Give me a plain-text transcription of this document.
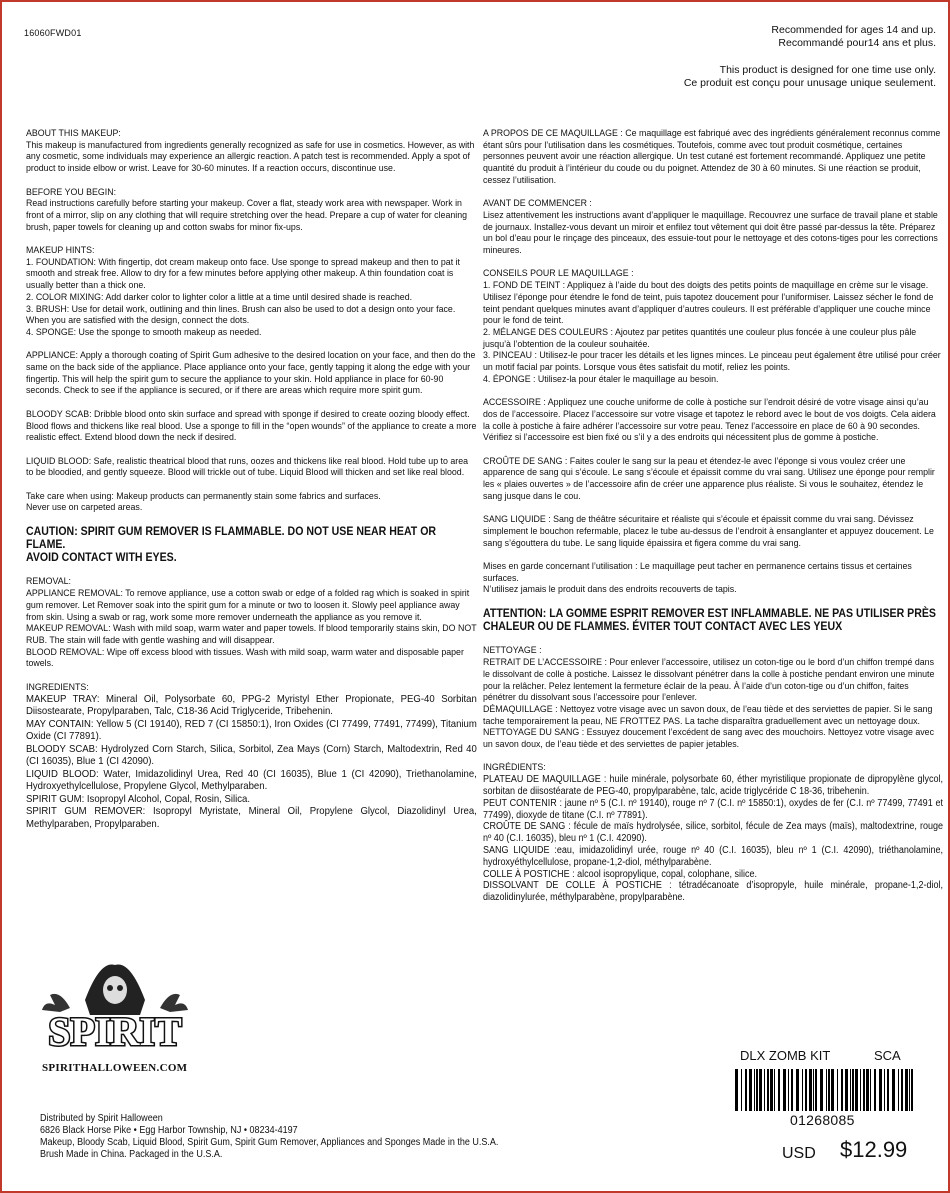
16060FWD01	Recommended for ages 14 and up.
Recommandé pour14 ans et plus.
This product is designed for one time use only.
Ce produit est conçu pour unusage unique seulement.

ABOUT THIS MAKEUP:

This makeup is manufactured from ingredients generally recognized as safe for use in cosmetics. However, as with any cosmetic, some individuals may experience an allergic reaction. A patch test is recommended. Apply a spot of product to inside elbow or wrist. Leave for 30-60 minutes. If a reaction occurs, discontinue use.

BEFORE YOU BEGIN:

Read instructions carefully before starting your makeup. Cover a flat, steady work area with newspaper. Work in front of a mirror, slip on any clothing that will require stretching over the head. Prepare a cup of water for cleaning brush, paper towels for cleaning up and cotton swabs for minor fix-ups.

MAKEUP HINTS:

1. FOUNDATION: With fingertip, dot cream makeup onto face. Use sponge to spread makeup and then to pat it smooth and streak free. Allow to dry for a few minutes before applying other makeup. A thin foundation coat is usually better than a thick one.

2. COLOR MIXING: Add darker color to lighter color a little at a time until desired shade is reached.

3. BRUSH: Use for detail work, outlining and thin lines. Brush can also be used to dot a design onto your face. When you are satisfied with the design, connect the dots.

4. SPONGE: Use the sponge to smooth makeup as needed.

APPLIANCE: Apply a thorough coating of Spirit Gum adhesive to the desired location on your face, and then do the same on the back side of the appliance. Place appliance onto your face, gently tapping it along the edge with your fingertip. This will help the spirit gum to secure the appliance to your skin. Hold appliance in place for 60-90 seconds. Check to see if the appliance is secured, or if there are areas which require more spirit gum.

BLOODY SCAB: Dribble blood onto skin surface and spread with sponge if desired to create oozing bloody effect. Blood flows and thickens like real blood. Use a sponge to fill in the “open wounds” of the appliance to create a more realistic effect. Extend blood down the neck if desired.

LIQUID BLOOD: Safe, realistic theatrical blood that runs, oozes and thickens like real blood. Hold tube up to area to be bloodied, and gently squeeze. Blood will trickle out of tube. Liquid Blood will thicken and set like real blood.

Take care when using: Makeup products can permanently stain some fabrics and surfaces.

Never use on carpeted areas.

CAUTION: SPIRIT GUM REMOVER IS FLAMMABLE. DO NOT USE NEAR HEAT OR FLAME.

AVOID CONTACT WITH EYES.

REMOVAL:

APPLIANCE REMOVAL: To remove appliance, use a cotton swab or edge of a folded rag which is soaked in spirit gum remover. Let Remover soak into the spirit gum for a minute or two to loosen it. Slowly peel appliance away from skin. Using a swab or rag, work some more remover underneath the appliance as you remove it.

MAKEUP REMOVAL: Wash with mild soap, warm water and paper towels. If blood temporarily stains skin, DO NOT RUB. The stain will fade with gentle washing and will disappear.

BLOOD REMOVAL: Wipe off excess blood with tissues. Wash with mild soap, warm water and disposable paper towels.

INGREDIENTS:

MAKEUP TRAY: Mineral Oil, Polysorbate 60, PPG-2 Myristyl Ether Propionate, PEG-40 Sorbitan Diisostearate, Propylparaben, Talc, C18-36 Acid Triglyceride, Tribehenin.

MAY CONTAIN: Yellow 5 (CI 19140), RED 7 (CI 15850:1), Iron Oxides (CI 77499, 77491, 77499), Titanium Oxide (CI 77891).

BLOODY SCAB: Hydrolyzed Corn Starch, Silica, Sorbitol, Zea Mays (Corn) Starch, Maltodextrin, Red 40 (CI 16035), Blue 1 (CI 42090).

LIQUID BLOOD: Water, Imidazolidinyl Urea, Red 40 (CI 16035), Blue 1 (CI 42090), Triethanolamine, Hydroxyethylcellulose, Propylene Glycol, Methylparaben.

SPIRIT GUM: Isopropyl Alcohol, Copal, Rosin, Silica.

SPIRIT GUM REMOVER: Isopropyl Myristate, Mineral Oil, Propylene Glycol, Diazolidinyl Urea, Methylparaben, Propylparaben.

A PROPOS DE CE MAQUILLAGE : Ce maquillage est fabriqué avec des ingrédients généralement reconnus comme étant sûrs pour l’utilisation dans les cosmétiques. Toutefois, comme avec tout produit cosmétique, certaines personnes peuvent avoir une réaction allergique. Un test cutané est fortement recommandé. Appliquez une petite quantité du produit à l’intérieur du coude ou du poignet. Attendez de 30 à 60 minutes. Si une réaction se produit, cessez l’utilisation.

AVANT DE COMMENCER :

Lisez attentivement les instructions avant d’appliquer le maquillage. Recouvrez une surface de travail plane et stable de journaux. Installez-vous devant un miroir et enfilez tout vêtement qui doit être passé par-dessus la tête. Préparez un bol d’eau pour le rinçage des pinceaux, des essuie-tout pour le nettoyage et des cotons-tiges pour les corrections mineures.

CONSEILS POUR LE MAQUILLAGE :

1. FOND DE TEINT : Appliquez à l’aide du bout des doigts des petits points de maquillage en crème sur le visage. Utilisez l’éponge pour étendre le fond de teint, puis tapotez doucement pour l’uniformiser. Laissez sécher le fond de teint pendant quelques minutes avant d’appliquer d’autres couleurs. Il est préférable d’appliquer une couche mince pour le fond de teint.

2. MÉLANGE DES COULEURS : Ajoutez par petites quantités une couleur plus foncée à une couleur plus pâle jusqu’à l’obtention de la couleur souhaitée.

3. PINCEAU : Utilisez-le pour tracer les détails et les lignes minces. Le pinceau peut également être utilisé pour créer un motif facial par points. Lorsque vous êtes satisfait du motif, reliez les points.

4. ÉPONGE : Utilisez-la pour étaler le maquillage au besoin.

ACCESSOIRE : Appliquez une couche uniforme de colle à postiche sur l’endroit désiré de votre visage ainsi qu’au dos de l’accessoire. Placez l’accessoire sur votre visage et tapotez le rebord avec le bout de vos doigts. Cela aidera la colle à postiche à faire adhérer l’accessoire sur votre peau. Tenez l’accessoire en place de 60 à 90 secondes. Vérifiez si l’accessoire est bien fixé ou s’il y a des endroits qui nécessitent plus de gomme à postiche.

CROÛTE DE SANG : Faites couler le sang sur la peau et étendez-le avec l’éponge si vous voulez créer une apparence de sang qui s’écoule. Le sang s’écoule et épaissit comme du vrai sang. Utilisez une éponge pour remplir les « plaies ouvertes » de l’accessoire afin de créer une apparence plus réaliste. Si vous le souhaitez, étendez le sang jusque dans le cou.

SANG LIQUIDE : Sang de théâtre sécuritaire et réaliste qui s’écoule et épaissit comme du vrai sang. Dévissez simplement le bouchon refermable, placez le tube au-dessus de l’endroit à ensanglanter et appuyez doucement. Le sang s’égouttera du tube. Le sang liquide épaissira et figera comme du vrai sang.

Mises en garde concernant l’utilisation : Le maquillage peut tacher en permanence certains tissus et certaines surfaces.

N’utilisez jamais le produit dans des endroits recouverts de tapis.

ATTENTION: LA GOMME ESPRIT REMOVER EST INFLAMMABLE. NE PAS UTILISER PRÈS CHALEUR OU DE FLAMMES. ÉVITER TOUT CONTACT AVEC LES YEUX

NETTOYAGE :

RETRAIT DE L’ACCESSOIRE : Pour enlever l’accessoire, utilisez un coton-tige ou le bord d’un chiffon trempé dans le dissolvant de colle à postiche. Laissez le dissolvant pénétrer dans la colle à postiche pendant environ une minute pour la relâcher. Pelez lentement la fermeture éclair de la peau. À l’aide d’un coton-tige ou d’un chiffon, faites pénétrer du dissolvant sous l’accessoire pour l’enlever.

DÉMAQUILLAGE : Nettoyez votre visage avec un savon doux, de l’eau tiède et des serviettes de papier. Si le sang tache temporairement la peau, NE FROTTEZ PAS. La tache disparaîtra graduellement avec un nettoyage doux.

NETTOYAGE DU SANG : Essuyez doucement l’excédent de sang avec des mouchoirs. Nettoyez votre visage avec un savon doux, de l’eau tiède et des serviettes de papier jetables.

INGRÉDIENTS:

PLATEAU DE MAQUILLAGE : huile minérale, polysorbate 60, éther myristilique propionate de dipropylène glycol, sorbitan de diisostéarate de PEG-40, propylparabène, talc, acide triglycéride C 18-36, tribehenin.

PEUT CONTENIR : jaune nº 5 (C.I. nº 19140), rouge nº 7 (C.I. nº 15850:1), oxydes de fer (C.I. nº 77499, 77491 et 77499), dioxyde de titane (C.I. nº 77891).

CROÛTE DE SANG : fécule de maïs hydrolysée, silice, sorbitol, fécule de Zea mays (maïs), maltodextrine, rouge nº 40 (C.I. 16035), bleu nº 1 (C.I. 42090).

SANG LIQUIDE :eau, imidazolidinyl urée, rouge nº 40 (C.I. 16035), bleu nº 1 (C.I. 42090), triéthanolamine, hydroxyéthylcellulose, propane-1,2-diol, méthylparabène.

COLLE À POSTICHE : alcool isopropylique, copal, colophane, silice.

DISSOLVANT DE COLLE À POSTICHE : tétradécanoate d’isopropyle, huile minérale, propane-1,2-diol, diazolidinylurée, méthylparabène, propylparabène.

SPIRIT
SPIRITHALLOWEEN.COM
Distributed by Spirit Halloween
6826 Black Horse Pike • Egg Harbor Township, NJ • 08234-4197
Makeup, Bloody Scab, Liquid Blood, Spirit Gum, Spirit Gum Remover, Appliances and Sponges Made in the U.S.A.
Brush Made in China. Packaged in the U.S.A.
DLX ZOMB KIT	SCA
01268085
USD $12.99
